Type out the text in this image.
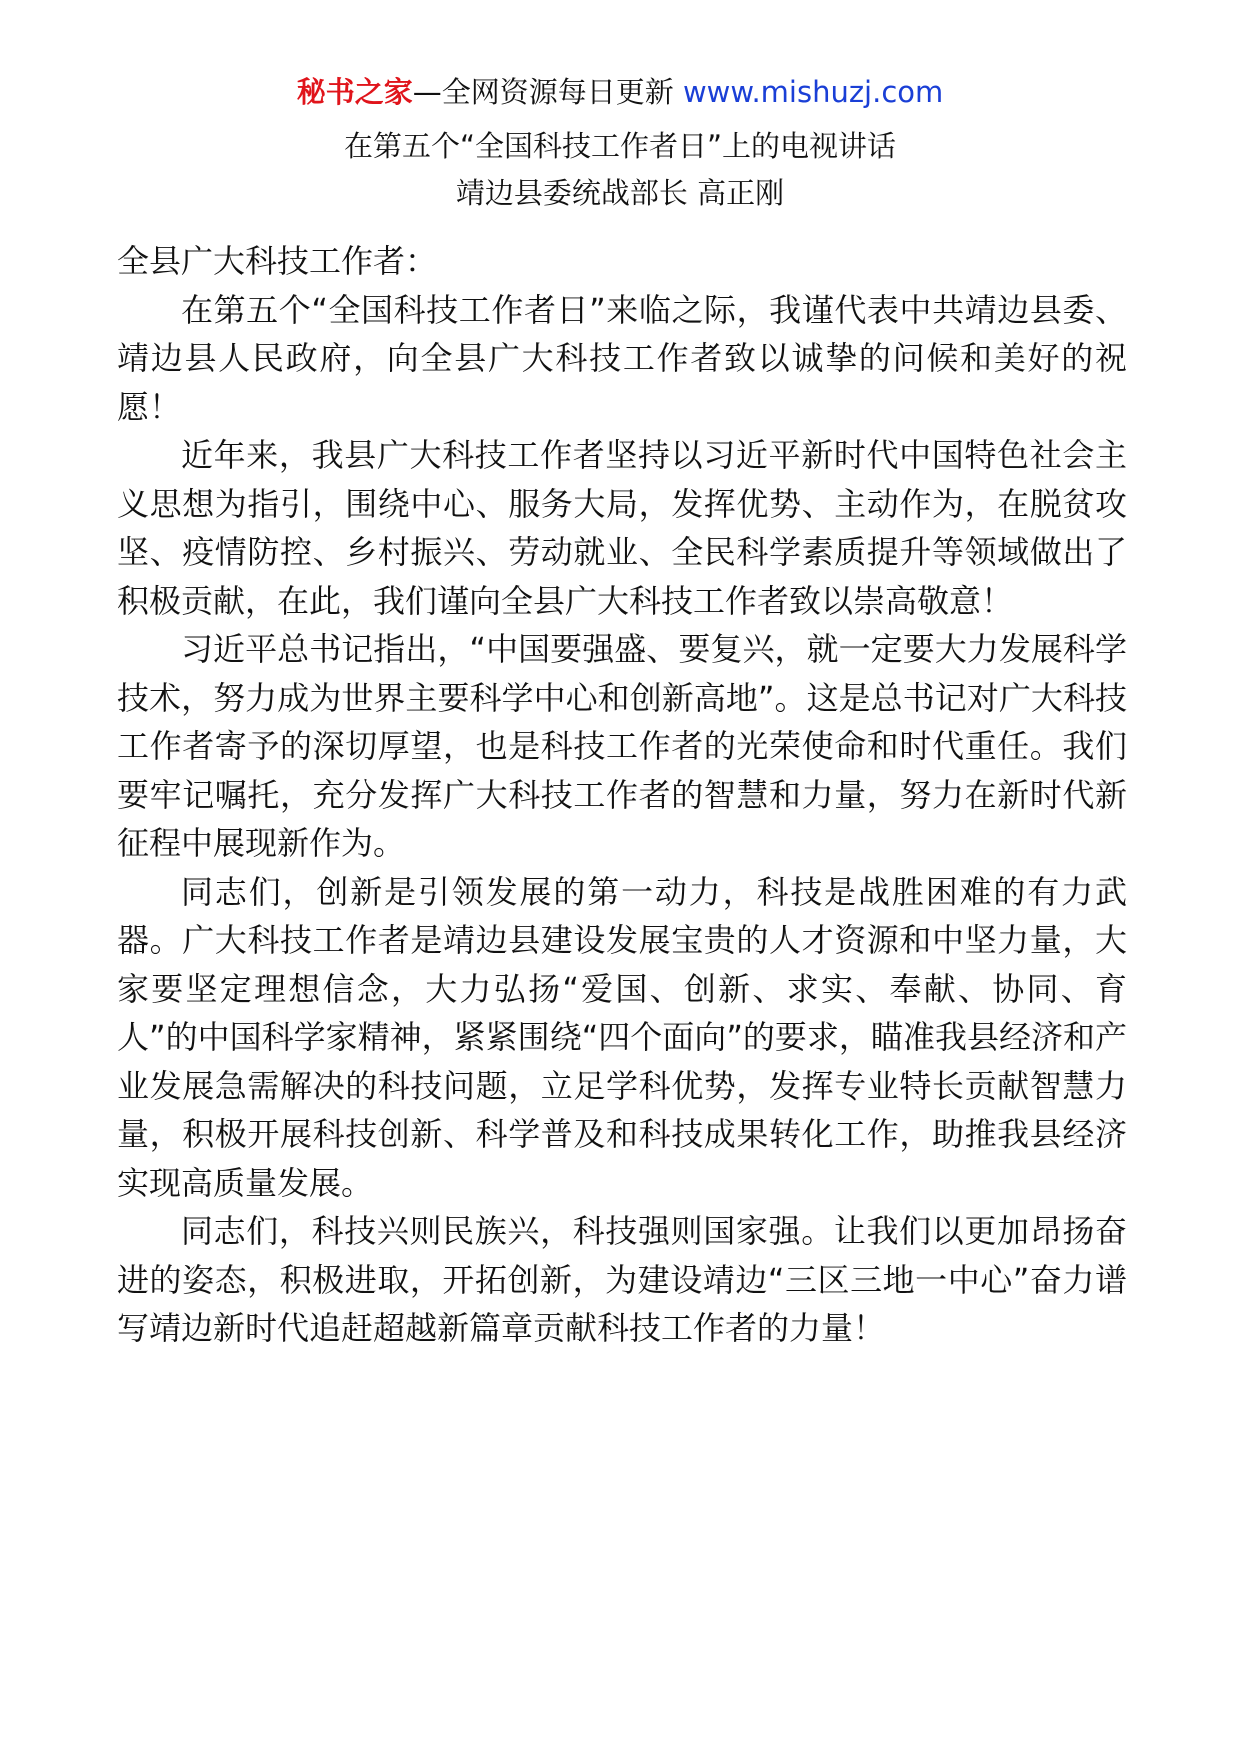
秘书之家—全网资源每日更新 www.mishuzj.com
在第五个“全国科技工作者日”上的电视讲话
靖边县委统战部长 高正刚

全县广大科技工作者：

在第五个“全国科技工作者日”来临之际，我谨代表中共靖边县委、靖边县人民政府，向全县广大科技工作者致以诚挚的问候和美好的祝愿！

近年来，我县广大科技工作者坚持以习近平新时代中国特色社会主义思想为指引，围绕中心、服务大局，发挥优势、主动作为，在脱贫攻坚、疫情防控、乡村振兴、劳动就业、全民科学素质提升等领域做出了积极贡献，在此，我们谨向全县广大科技工作者致以崇高敬意！

习近平总书记指出，“中国要强盛、要复兴，就一定要大力发展科学技术，努力成为世界主要科学中心和创新高地”。这是总书记对广大科技工作者寄予的深切厚望，也是科技工作者的光荣使命和时代重任。我们要牢记嘱托，充分发挥广大科技工作者的智慧和力量，努力在新时代新征程中展现新作为。

同志们，创新是引领发展的第一动力，科技是战胜困难的有力武器。广大科技工作者是靖边县建设发展宝贵的人才资源和中坚力量，大家要坚定理想信念，大力弘扬“爱国、创新、求实、奉献、协同、育人”的中国科学家精神，紧紧围绕“四个面向”的要求，瞄准我县经济和产业发展急需解决的科技问题，立足学科优势，发挥专业特长贡献智慧力量，积极开展科技创新、科学普及和科技成果转化工作，助推我县经济实现高质量发展。

同志们，科技兴则民族兴，科技强则国家强。让我们以更加昂扬奋进的姿态，积极进取，开拓创新，为建设靖边“三区三地一中心”奋力谱写靖边新时代追赶超越新篇章贡献科技工作者的力量！
